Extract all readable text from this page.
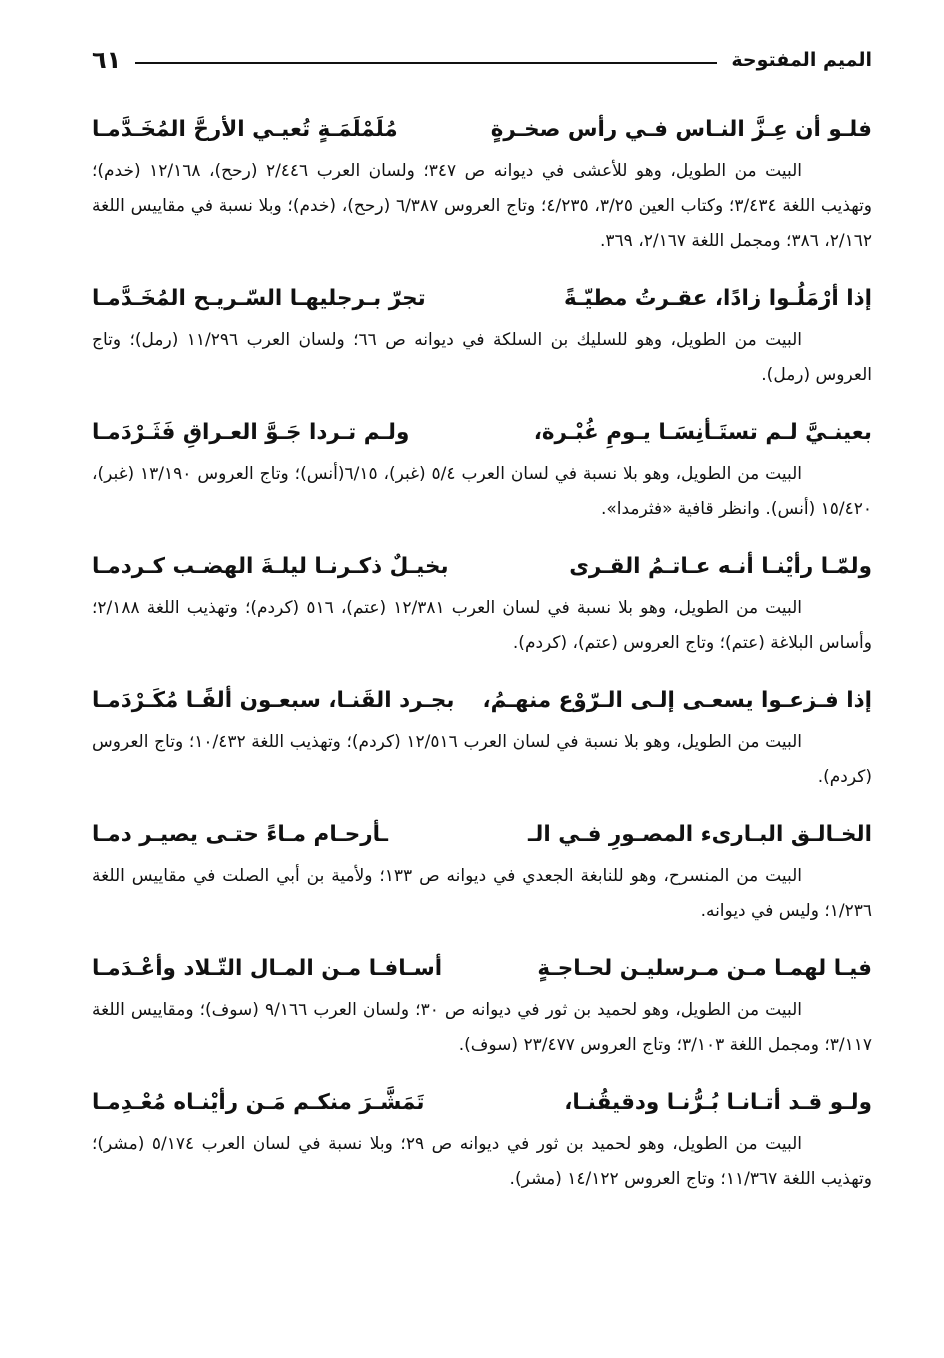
الميم المفتوحة
٦١
فلـو أن عِـزَّ النـاس فـي رأس صخـرةٍ
مُلَمْلَمَـةٍ تُعيـي الأرحَّ المُخَـدَّمـا

البيت من الطويل، وهو للأعشى في ديوانه ص ٣٤٧؛ ولسان العرب ٢/٤٤٦ (رحح)، ١٢/١٦٨ (خدم)؛ وتهذيب اللغة ٣/٤٣٤؛ وكتاب العين ٣/٢٥، ٤/٢٣٥؛ وتاج العروس ٦/٣٨٧ (رحح)، (خدم)؛ وبلا نسبة في مقاييس اللغة ٢/١٦٢، ٣٨٦؛ ومجمل اللغة ٢/١٦٧، ٣٦٩.

إذا أرْمَلُـوا زادًا، عقـرتُ مطيّـةً
تجرّ بـرجليهـا السّـريـح المُخَـدَّمـا

البيت من الطويل، وهو للسليك بن السلكة في ديوانه ص ٦٦؛ ولسان العرب ١١/٢٩٦ (رمل)؛ وتاج العروس (رمل).

بعينـيَّ لـم تستَـأنِسَـا يـومِ غُبْـرة،
ولـم تـردا جَـوَّ العـراقِ فَثَـرْدَمـا

البيت من الطويل، وهو بلا نسبة في لسان العرب ٥/٤ (غبر)، ٦/١٥(أنس)؛ وتاج العروس ١٣/١٩٠ (غبر)، ١٥/٤٢٠ (أنس). وانظر قافية «فثرمدا».

ولمّـا رأيْنـا أنـه عـاتـمُ القـرى
بخيـلٌ ذكـرنـا ليلـةَ الهضـب كـردمـا

البيت من الطويل، وهو بلا نسبة في لسان العرب ١٢/٣٨١ (عتم)، ٥١٦ (كردم)؛ وتهذيب اللغة ٢/١٨٨؛ وأساس البلاغة (عتم)؛ وتاج العروس (عتم)، (كردم).

إذا فـزعـوا يسعـى إلـى الـرّوْع منهـمُ،
بجـرد القَنـا، سبعـون ألفًـا مُكَـرْدَمـا

البيت من الطويل، وهو بلا نسبة في لسان العرب ١٢/٥١٦ (كردم)؛ وتهذيب اللغة ١٠/٤٣٢؛ وتاج العروس (كردم).

الخـالـق البـارىء المصـورِ فـي الـ
ـأرحـام مـاءً حتـى يصيـر دمـا

البيت من المنسرح، وهو للنابغة الجعدي في ديوانه ص ١٣٣؛ ولأمية بن أبي الصلت في مقاييس اللغة ١/٢٣٦؛ وليس في ديوانه.

فيـا لهمـا مـن مـرسليـن لحـاجـةٍ
أسـافـا مـن المـال التّـلاد وأعْـدَمـا

البيت من الطويل، وهو لحميد بن ثور في ديوانه ص ٣٠؛ ولسان العرب ٩/١٦٦ (سوف)؛ ومقاييس اللغة ٣/١١٧؛ ومجمل اللغة ٣/١٠٣؛ وتاج العروس ٢٣/٤٧٧ (سوف).

ولـو قـد أتـانـا بُـرُّنـا ودقيقُنـا،
تَمَشَّـرَ منكـم مَـن رأيْنـاه مُعْـدِمـا

البيت من الطويل، وهو لحميد بن ثور في ديوانه ص ٢٩؛ وبلا نسبة في لسان العرب ٥/١٧٤ (مشر)؛ وتهذيب اللغة ١١/٣٦٧؛ وتاج العروس ١٤/١٢٢ (مشر).
